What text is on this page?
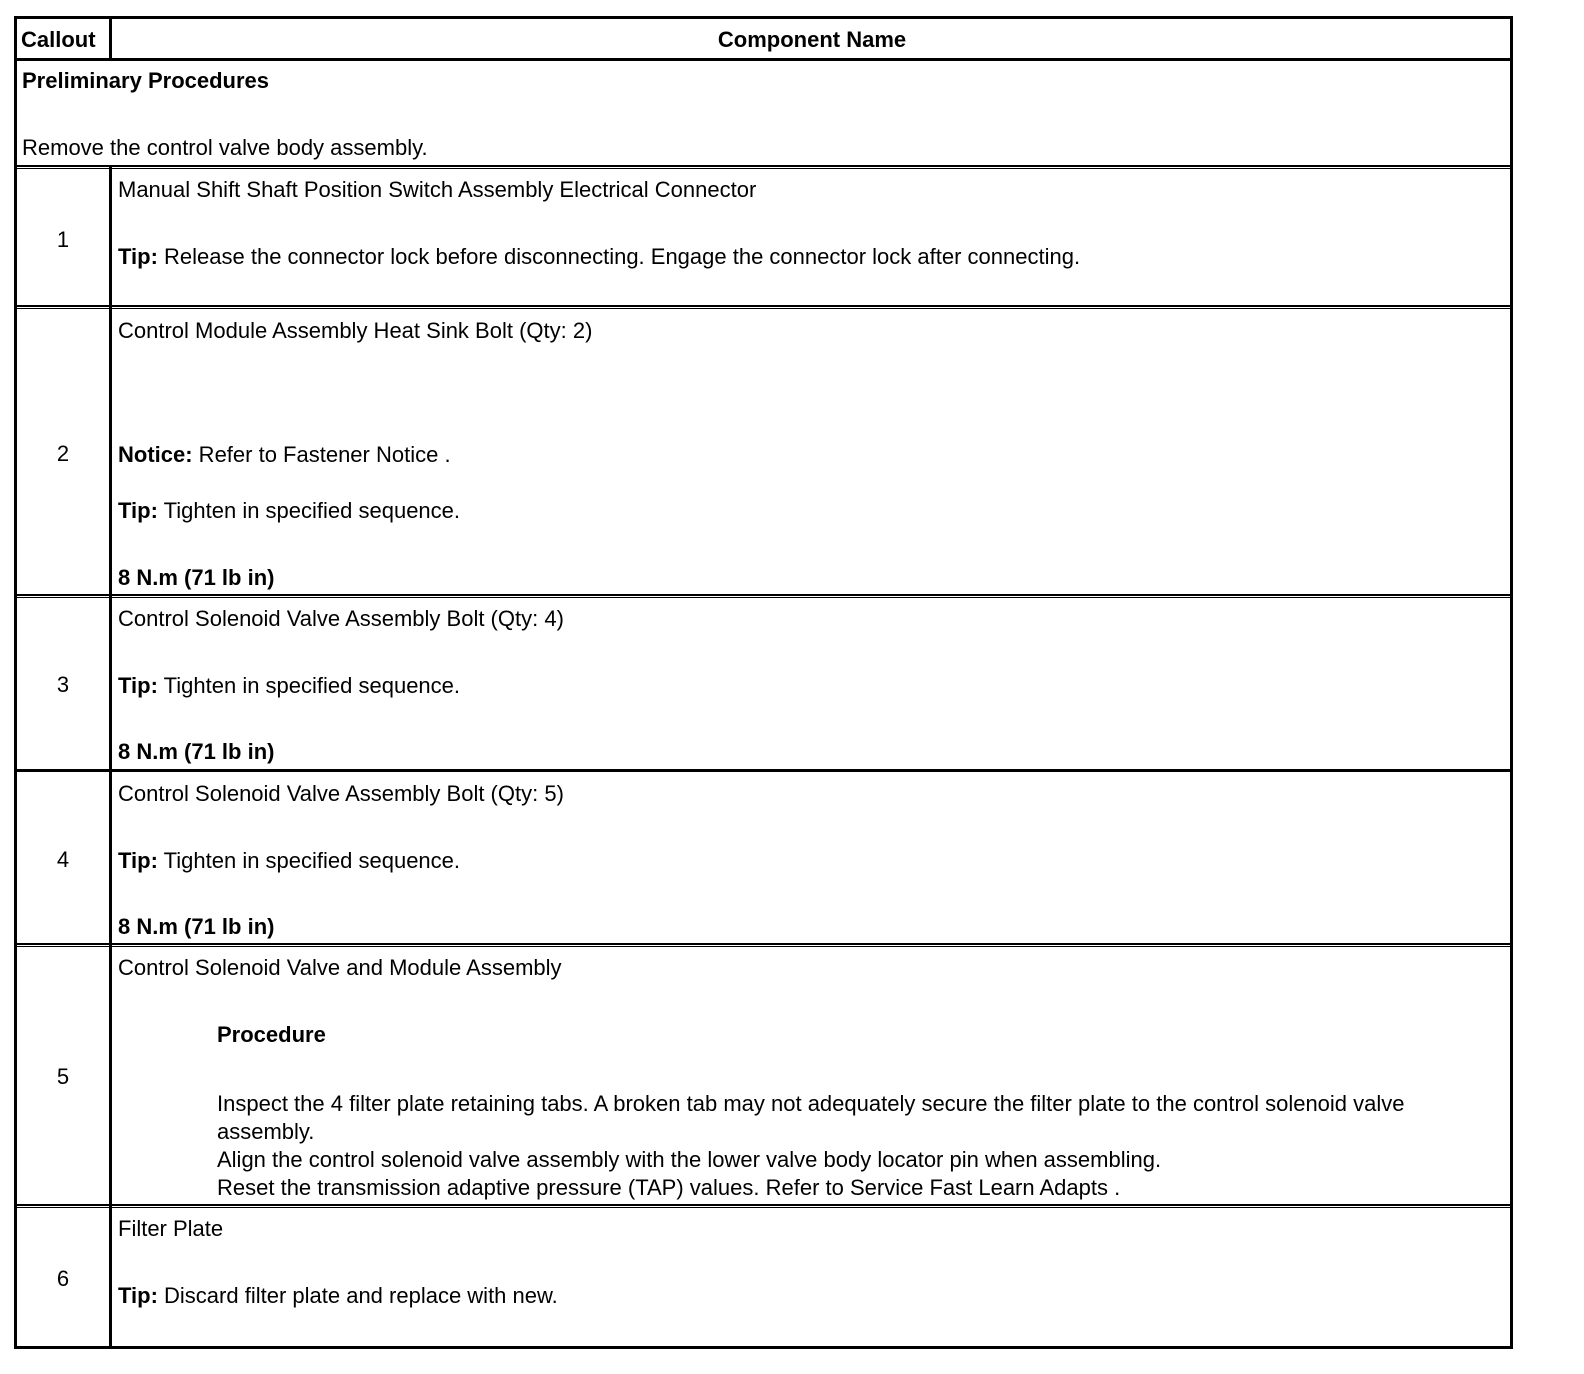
Callout	Component Name
Preliminary Procedures
Remove the control valve body assembly.
1
Manual Shift Shaft Position Switch Assembly Electrical Connector
Tip: Release the connector lock before disconnecting. Engage the connector lock after connecting.
2
Control Module Assembly Heat Sink Bolt (Qty: 2)
Notice: Refer to Fastener Notice .
Tip: Tighten in specified sequence.
8 N.m (71 lb in)
3
Control Solenoid Valve Assembly Bolt (Qty: 4)
Tip: Tighten in specified sequence.
8 N.m (71 lb in)
4
Control Solenoid Valve Assembly Bolt (Qty: 5)
Tip: Tighten in specified sequence.
8 N.m (71 lb in)
5
Control Solenoid Valve and Module Assembly
Procedure
Inspect the 4 filter plate retaining tabs. A broken tab may not adequately secure the filter plate to the control solenoid valve assembly.
Align the control solenoid valve assembly with the lower valve body locator pin when assembling.
Reset the transmission adaptive pressure (TAP) values. Refer to Service Fast Learn Adapts .
6
Filter Plate
Tip: Discard filter plate and replace with new.
